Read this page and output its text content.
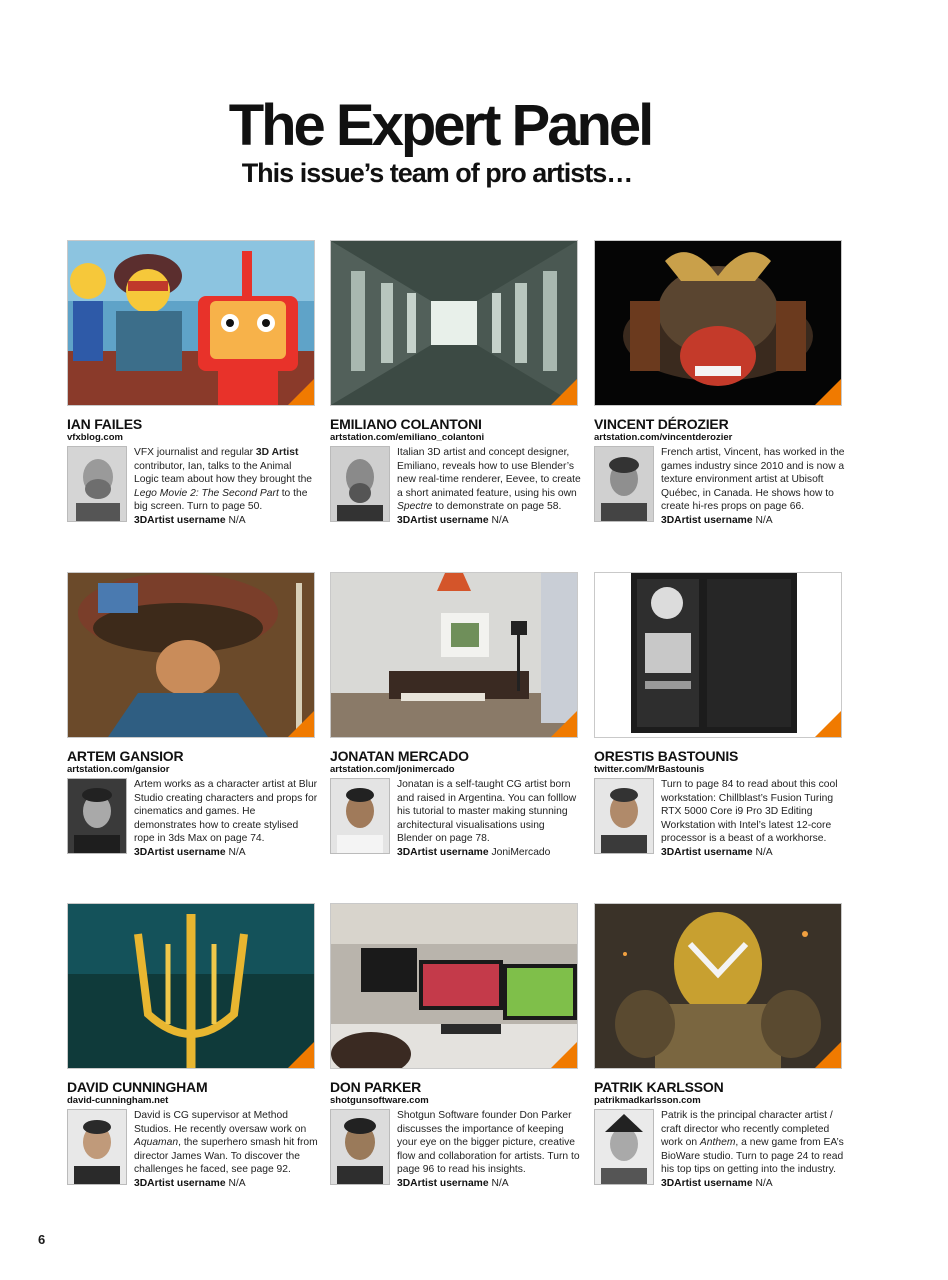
The Expert Panel
This issue’s team of pro artists…
IAN FAILES
vfxblog.com

VFX journalist and regular 3D Artist contributor, Ian, talks to the Animal Logic team about how they brought the Lego Movie 2: The Second Part to the big screen. Turn to page 50.

3DArtist username N/A

EMILIANO COLANTONI
artstation.com/emiliano_colantoni

Italian 3D artist and concept designer, Emiliano, reveals how to use Blender’s new real-time renderer, Eevee, to create a short animated feature, using his own Spectre to demonstrate on page 58.

3DArtist username N/A

VINCENT DÉROZIER
artstation.com/vincentderozier

French artist, Vincent, has worked in the games industry since 2010 and is now a texture environment artist at Ubisoft Québec, in Canada. He shows how to create hi-res props on page 66.

3DArtist username N/A

ARTEM GANSIOR
artstation.com/gansior

Artem works as a character artist at Blur Studio creating characters and props for cinematics and games. He demonstrates how to create stylised rope in 3ds Max on page 74.

3DArtist username N/A

JONATAN MERCADO
artstation.com/jonimercado

Jonatan is a self-taught CG artist born and raised in Argentina. You can folllow his tutorial to master making stunning architectural visualisations using Blender on page 78.

3DArtist username JoniMercado

ORESTIS BASTOUNIS
twitter.com/MrBastounis

Turn to page 84 to read about this cool workstation: Chillblast’s Fusion Turing RTX 5000 Core i9 Pro 3D Editing Workstation with Intel’s latest 12-core processor is a beast of a workhorse.

3DArtist username N/A

DAVID CUNNINGHAM
david-cunningham.net

David is CG supervisor at Method Studios. He recently oversaw work on Aquaman, the superhero smash hit from director James Wan. To discover the challenges he faced, see page 92.

3DArtist username N/A

DON PARKER
shotgunsoftware.com

Shotgun Software founder Don Parker discusses the importance of keeping your eye on the bigger picture, creative flow and collaboration for artists. Turn to page 96 to read his insights.

3DArtist username N/A

PATRIK KARLSSON
patrikmadkarlsson.com

Patrik is the principal character artist / craft director who recently completed work on Anthem, a new game from EA’s BioWare studio. Turn to page 24 to read his top tips on getting into the industry.

3DArtist username N/A

6
